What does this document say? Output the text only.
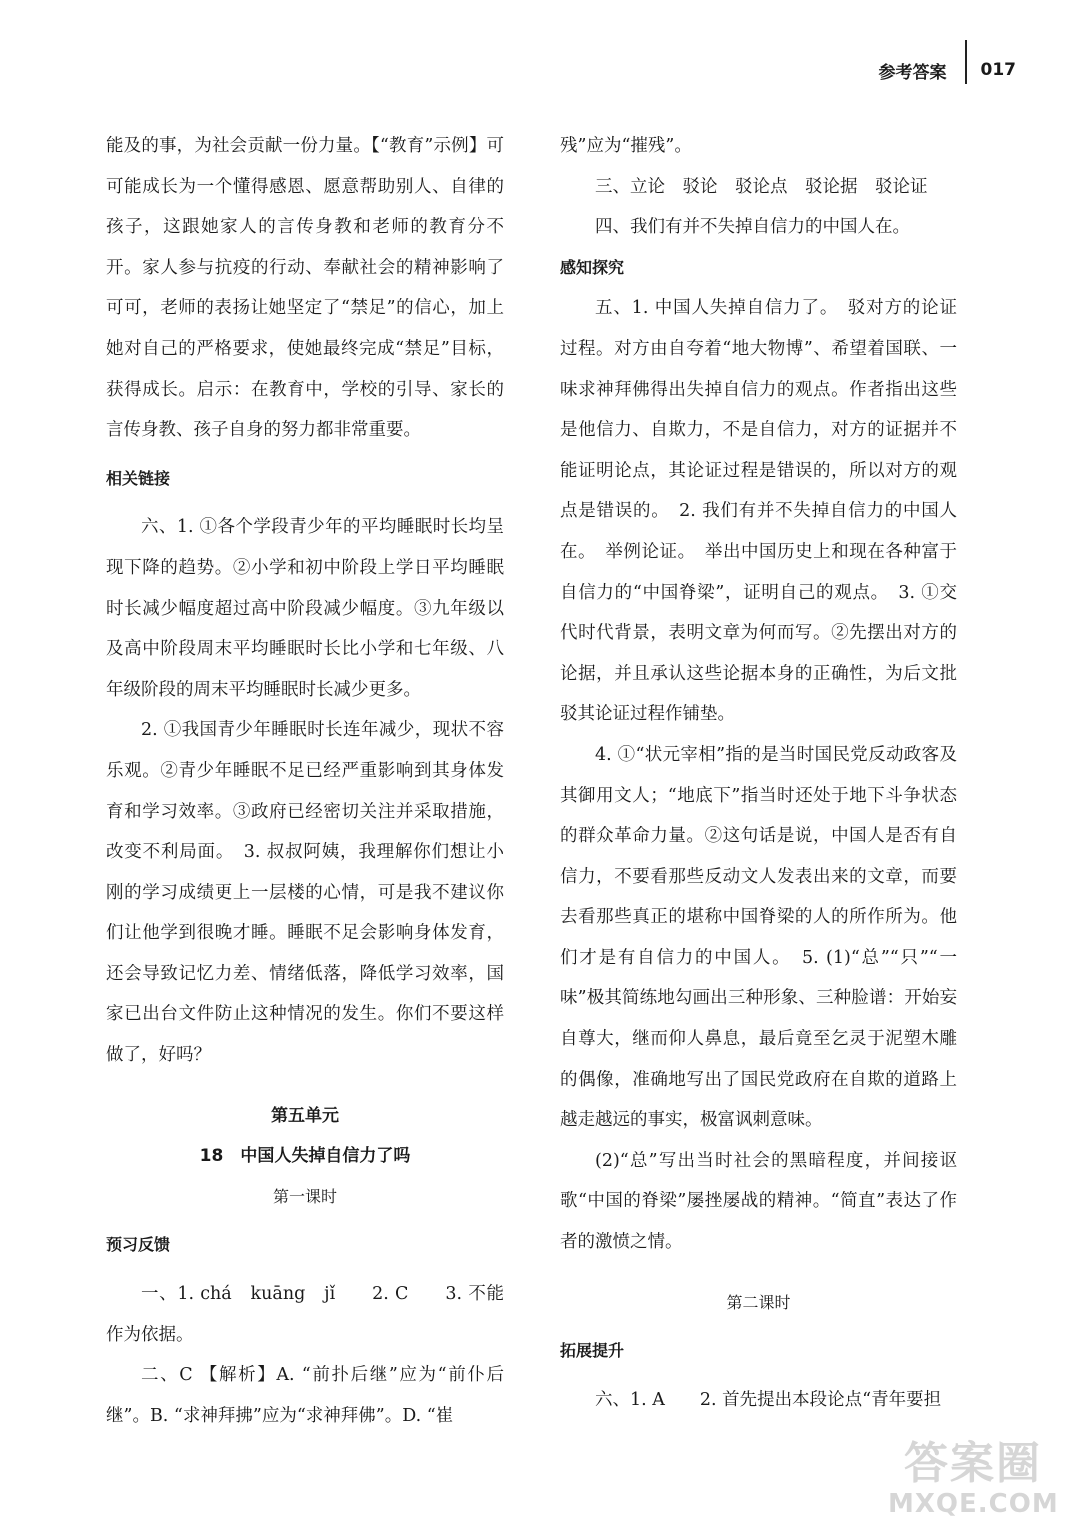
参考答案 017

能及的事，为社会贡献一份力量。【“教育”示例】可可能成长为一个懂得感恩、愿意帮助别人、自律的孩子，这跟她家人的言传身教和老师的教育分不开。家人参与抗疫的行动、奉献社会的精神影响了可可，老师的表扬让她坚定了“禁足”的信心，加上她对自己的严格要求，使她最终完成“禁足”目标，获得成长。启示：在教育中，学校的引导、家长的言传身教、孩子自身的努力都非常重要。

相关链接

六、1. ①各个学段青少年的平均睡眠时长均呈现下降的趋势。②小学和初中阶段上学日平均睡眠时长减少幅度超过高中阶段减少幅度。③九年级以及高中阶段周末平均睡眠时长比小学和七年级、八年级阶段的周末平均睡眠时长减少更多。

2. ①我国青少年睡眠时长连年减少，现状不容乐观。②青少年睡眠不足已经严重影响到其身体发育和学习效率。③政府已经密切关注并采取措施，改变不利局面。　3. 叔叔阿姨，我理解你们想让小刚的学习成绩更上一层楼的心情，可是我不建议你们让他学到很晚才睡。睡眠不足会影响身体发育，还会导致记忆力差、情绪低落，降低学习效率，国家已出台文件防止这种情况的发生。你们不要这样做了，好吗？

第五单元
18　中国人失掉自信力了吗
第一课时
预习反馈

一、1. chá　kuāng　jǐ　　2. C　　3. 不能作为依据。

二、C 【解析】A. “前扑后继”应为“前仆后继”。B. “求神拜拂”应为“求神拜佛”。D. “崔

残”应为“摧残”。

三、立论　驳论　驳论点　驳论据　驳论证

四、我们有并不失掉自信力的中国人在。

感知探究

五、1. 中国人失掉自信力了。　驳对方的论证过程。对方由自夸着“地大物博”、希望着国联、一味求神拜佛得出失掉自信力的观点。作者指出这些是他信力、自欺力，不是自信力，对方的证据并不能证明论点，其论证过程是错误的，所以对方的观点是错误的。　2. 我们有并不失掉自信力的中国人在。　举例论证。　举出中国历史上和现在各种富于自信力的“中国脊梁”，证明自己的观点。　3. ①交代时代背景，表明文章为何而写。②先摆出对方的论据，并且承认这些论据本身的正确性，为后文批驳其论证过程作铺垫。

4. ①“状元宰相”指的是当时国民党反动政客及其御用文人；“地底下”指当时还处于地下斗争状态的群众革命力量。②这句话是说，中国人是否有自信力，不要看那些反动文人发表出来的文章，而要去看那些真正的堪称中国脊梁的人的所作所为。他们才是有自信力的中国人。　5. (1)“总”“只”“一味”极其简练地勾画出三种形象、三种脸谱：开始妄自尊大，继而仰人鼻息，最后竟至乞灵于泥塑木雕的偶像，准确地写出了国民党政府在自欺的道路上越走越远的事实，极富讽刺意味。

(2)“总”写出当时社会的黑暗程度，并间接讴歌“中国的脊梁”屡挫屡战的精神。“简直”表达了作者的激愤之情。

第二课时
拓展提升

六、1. A　　2. 首先提出本段论点“青年要担

答案圈
MXQE.COM
